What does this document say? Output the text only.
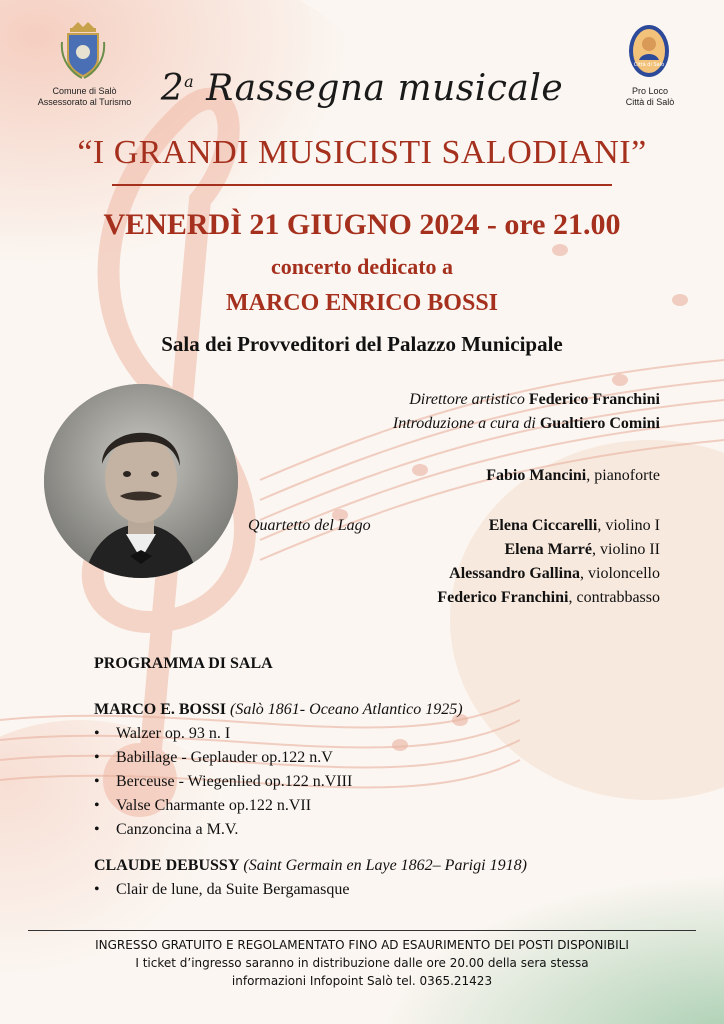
Comune di Salò
Assessorato al Turismo
Città di Salò
Pro Loco
Città di Salò
2$^a$ Rassegna musicale
“I GRANDI MUSICISTI SALODIANI”
VENERDÌ 21 GIUGNO 2024 - ore 21.00
concerto dedicato a
MARCO ENRICO BOSSI
Sala dei Provveditori del Palazzo Municipale
Direttore artistico Federico Franchini
Introduzione a cura di Gualtiero Comini
Fabio Mancini, pianoforte
Quartetto del Lago	Elena Ciccarelli, violino I
Elena Marré, violino II
Alessandro Gallina, violoncello
Federico Franchini, contrabbasso
PROGRAMMA DI SALA
MARCO E. BOSSI (Salò 1861- Oceano Atlantico 1925)
• Walzer op. 93 n. I
• Babillage - Geplauder op.122 n.V
• Berceuse - Wiegenlied op.122 n.VIII
• Valse Charmante op.122 n.VII
• Canzoncina a M.V.
CLAUDE DEBUSSY (Saint Germain en Laye 1862– Parigi 1918)
• Clair de lune, da Suite Bergamasque
INGRESSO GRATUITO E REGOLAMENTATO FINO AD ESAURIMENTO DEI POSTI DISPONIBILI
I ticket d’ingresso saranno in distribuzione dalle ore 20.00 della sera stessa
informazioni Infopoint Salò tel. 0365.21423
